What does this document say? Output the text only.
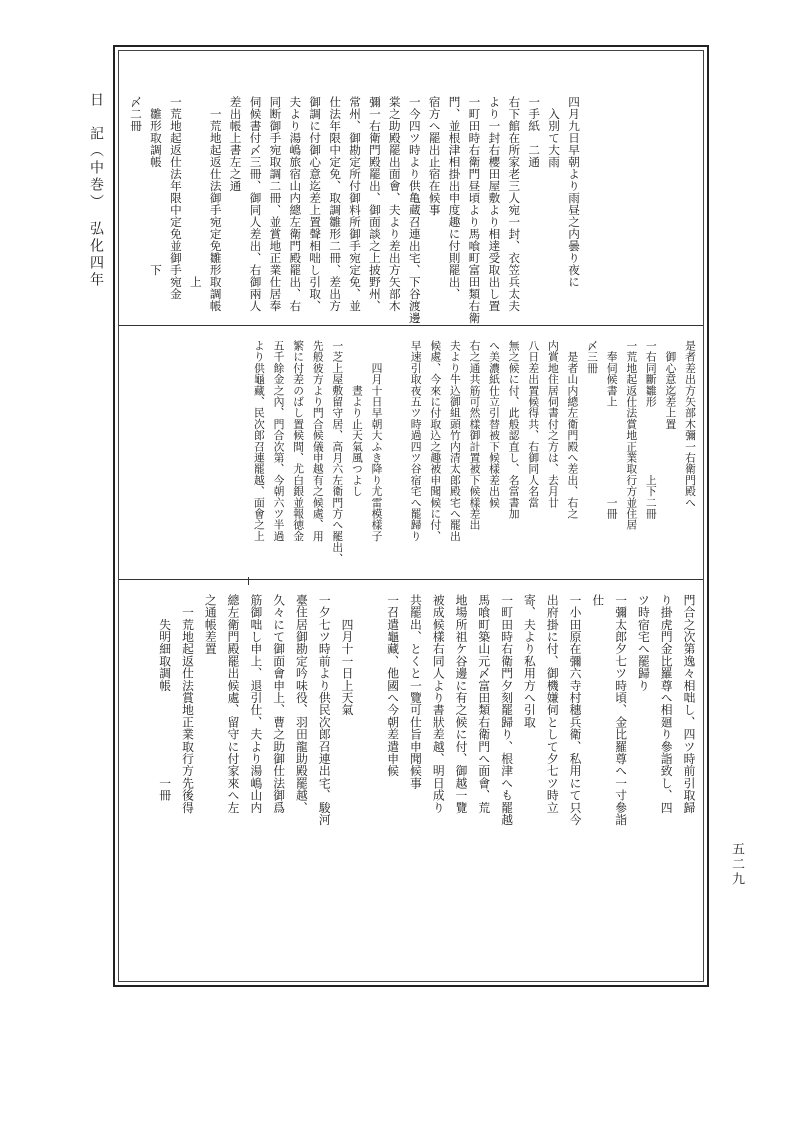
日　記（中巻）　弘化四年
五二九
四月九日早朝より雨昼之内曇り夜に
　入別て大雨
一手紙　二通
右下館在所家老三人宛一封、衣笠兵太夫
より一封右櫻田屋敷より相達受取出し置
一町田時右衛門昼頃より馬喰町富田類右衛
門、並根津相掛出申度趣に付則罷出、
宿方へ罷出止宿在候事
一今四ツ時より供亀蔵召連出宅、下谷渡邊
棠之助殿罷出面會、夫より差出方矢部木
彌一右衛門殿罷出、御面談之上披野州、
常州、御勘定所付御料所御手宛定免、並
仕法年限中定免、取調雛形二冊、差出方
御調に付御心意迄差上置聲相咄し引取、
夫より湯嶋旅宿山内總左衛門殿罷出、右
同断御手宛取調二冊、並賞地正業仕居奉
伺候書付〆三冊、御同人差出、右御兩人
差出帳上書左之通
　一荒地起返仕法御手宛定免雛形取調帳
　　　　　　　　　　　　　　　上
一荒地起返仕法年限中定免並御手宛金
　雛形取調帳　　　　　　　　下
〆二冊
是者差出方矢部木彌一右衛門殿へ
　御心意迄差上置
一右同斷雛形　　　　　　上下二冊
一荒地起返仕法賞地正業取行方並住居
　奉伺候書上　　　　　　　　一冊
〆三冊
　是者山内總左衛門殿へ差出、右之
内賞地住居伺書付之方は、去月廿
八日差出置候得共、右御同人名當
無之候に付、此般認直し、名當書加
へ美濃紙仕立引替被下候樣差出候
右之通共筋可然樣御計置被下候樣差出
夫より牛込御組頭竹内清太郎殿宅へ罷出
候處、今來に付取込之趣被申聞候に付、
早速引取夜五ツ時過四ツ谷宿宅へ罷歸り

　　四月十日早朝大ふき降り尤雷模樣子
　　　　晝より止天氣風つよし
一芝上屋敷留守居、高月六左衛門方へ罷出、
先般彼方より門合候儀申越有之候處、用
繁に付差のばし置候間、尤白銀並報徳金
五千餘金之內、門合次第、今朝六ツ半過
より供龜藏、民次郎召連罷越、面會之上
門合之次第逸々相咄し、四ツ時前引取歸
り掛虎門金比羅尊へ相廻り參詣致し、四
ツ時宿宅へ罷歸り
一彌太郎夕七ツ時頃、金比羅尊へ一寸參詣
仕
一小田原在彌六寺村穗兵衛、私用にて只今
出府掛に付、御機嫌伺として夕七ツ時立
寄、夫より私用方へ引取
一町田時右衛門夕刻罷歸り、根津へも罷越
馬喰町築山元〆富田類右衛門へ面會、荒
地場所祖ケ谷邊に有之候に付、御越一覽
被成候樣右同人より書狀差越、明日成り
共罷出、とくと一覽可仕旨申聞候事
一召遣龜藏、他國へ今朝差遣申候

　　四月十一日上天氣
一夕七ツ時前より供民次郎召連出宅、駿河
臺住居御勘定吟味役、羽田龍助殿罷越、
久々にて御面會申上、曹之助御仕法御爲
筋御咄し申上、退引仕、夫より湯嶋山内
總左衛門殿罷出候處、留守に付家來へ左
之通帳差置
　一荒地起返仕法賞地正業取行方先後得
　　失明細取調帳　　　　　　　一冊
